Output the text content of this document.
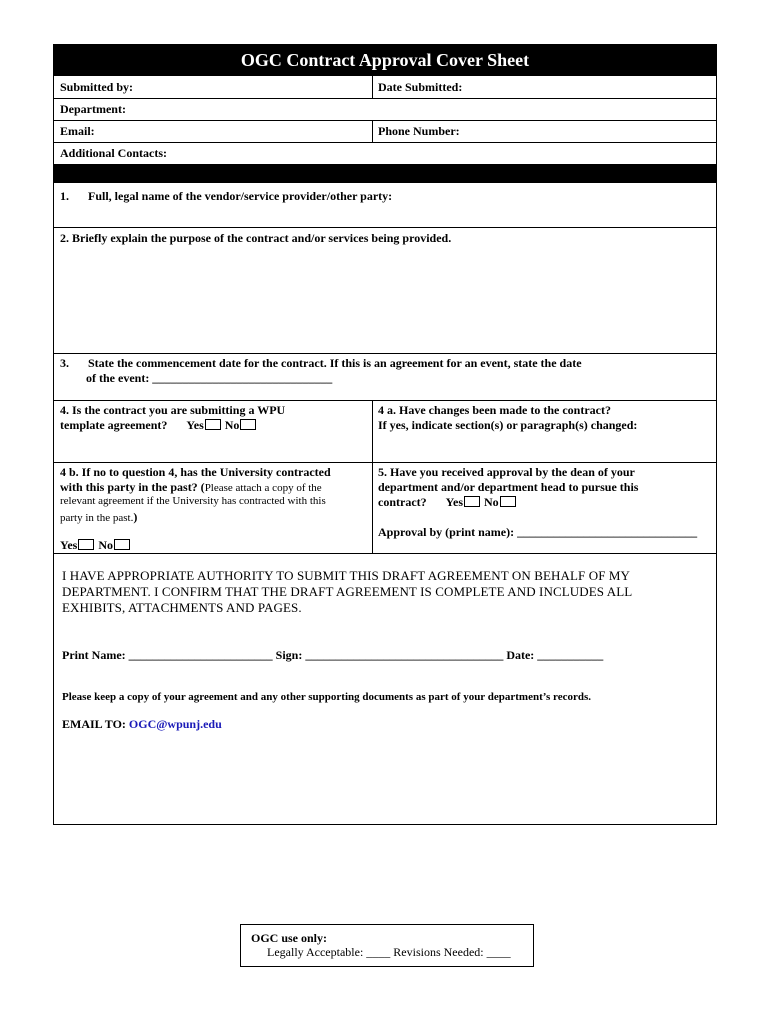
OGC Contract Approval Cover Sheet
Submitted by:	Date Submitted:
Department:
Email:	Phone Number:
Additional Contacts:
1. Full, legal name of the vendor/service provider/other party:
2. Briefly explain the purpose of the contract and/or services being provided.
3. State the commencement date for the contract. If this is an agreement for an event, state the date
of the event: ______________________________
4. Is the contract you are submitting a WPU
template agreement? Yes No
4 a. Have changes been made to the contract?
If yes, indicate section(s) or paragraph(s) changed:
4 b. If no to question 4, has the University contracted
with this party in the past? (Please attach a copy of the
relevant agreement if the University has contracted with this
party in the past.)
Yes No
5. Have you received approval by the dean of your
department and/or department head to pursue this
contract? Yes No
Approval by (print name): ______________________________
I HAVE APPROPRIATE AUTHORITY TO SUBMIT THIS DRAFT AGREEMENT ON BEHALF OF MY DEPARTMENT. I CONFIRM THAT THE DRAFT AGREEMENT IS COMPLETE AND INCLUDES ALL EXHIBITS, ATTACHMENTS AND PAGES.
Print Name: ________________________ Sign: _________________________________ Date: ___________
Please keep a copy of your agreement and any other supporting documents as part of your department’s records.
EMAIL TO: OGC@wpunj.edu
OGC use only:
Legally Acceptable: ____ Revisions Needed: ____
